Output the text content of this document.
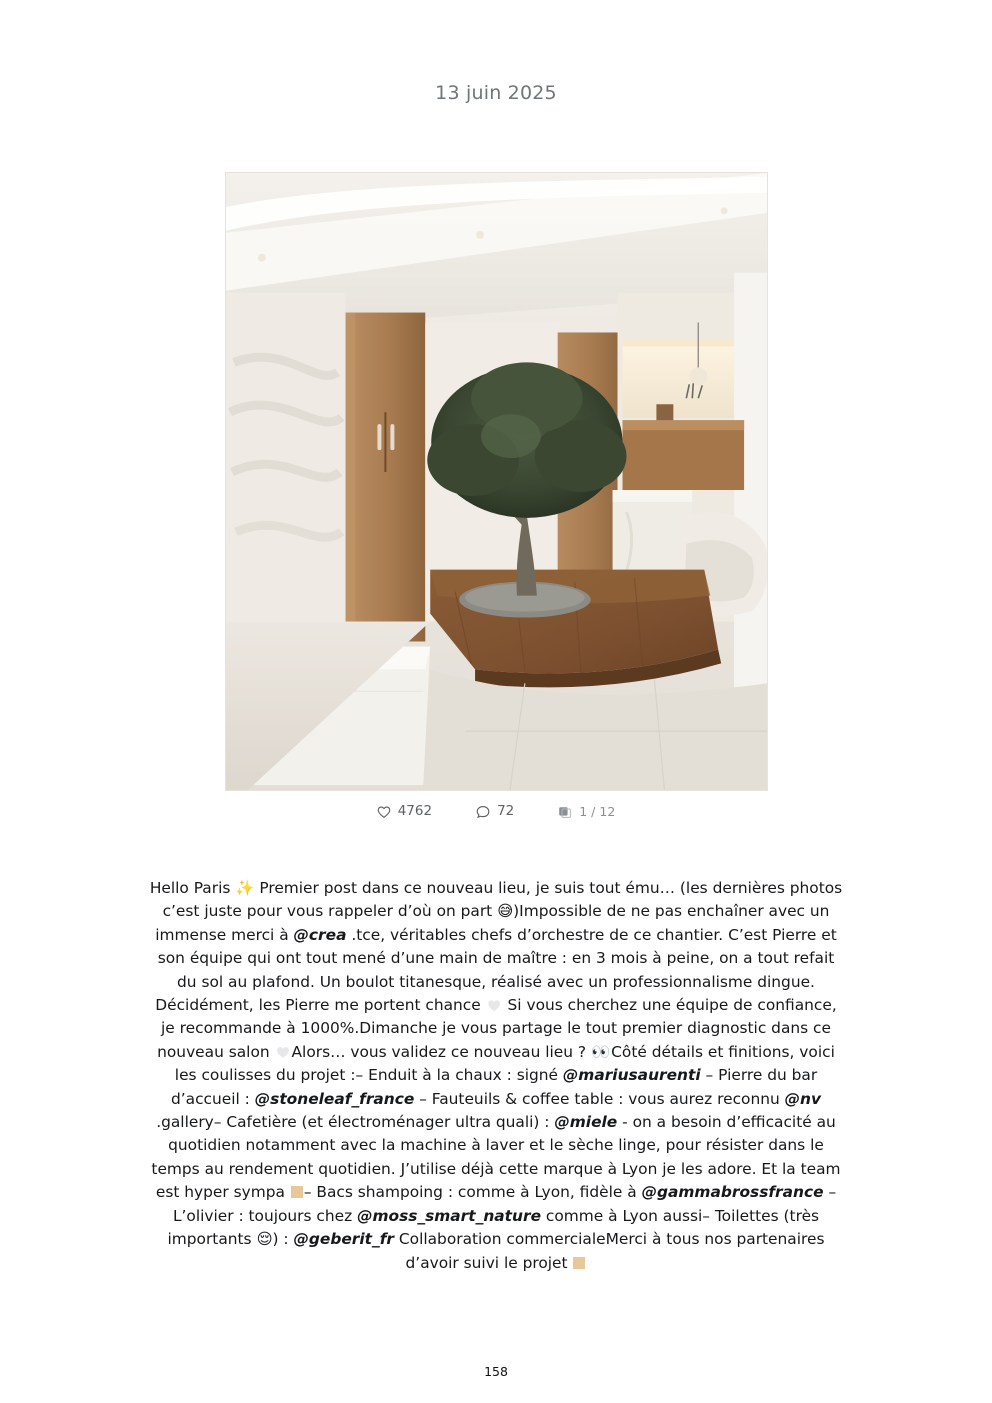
13 juin 2025
4762	72	1 / 12
Hello Paris ✨ Premier post dans ce nouveau lieu, je suis tout ému… (les dernières photos c’est juste pour vous rappeler d’où on part 😅)Impossible de ne pas enchaîner avec un immense merci à @crea .tce, véritables chefs d’orchestre de ce chantier. C’est Pierre et son équipe qui ont tout mené d’une main de maître : en 3 mois à peine, on a tout refait du sol au plafond. Un boulot titanesque, réalisé avec un professionnalisme dingue. Décidément, les Pierre me portent chance  Si vous cherchez une équipe de confiance, je recommande à 1000%.Dimanche je vous partage le tout premier diagnostic dans ce nouveau salon Alors… vous validez ce nouveau lieu ? 👀Côté détails et finitions, voici les coulisses du projet :– Enduit à la chaux : signé @mariusaurenti – Pierre du bar d’accueil : @stoneleaf_france – Fauteuils & coffee table : vous aurez reconnu @nv .gallery– Cafetière (et électroménager ultra quali) : @miele - on a besoin d’efficacité au quotidien notamment avec la machine à laver et le sèche linge, pour résister dans le temps au rendement quotidien. J’utilise déjà cette marque à Lyon je les adore. Et la team est hyper sympa – Bacs shampoing : comme à Lyon, fidèle à @gammabrossfrance – L’olivier : toujours chez @moss_smart_nature comme à Lyon aussi– Toilettes (très importants 😌) : @geberit_fr Collaboration commercialeMerci à tous nos partenaires d’avoir suivi le projet
158
